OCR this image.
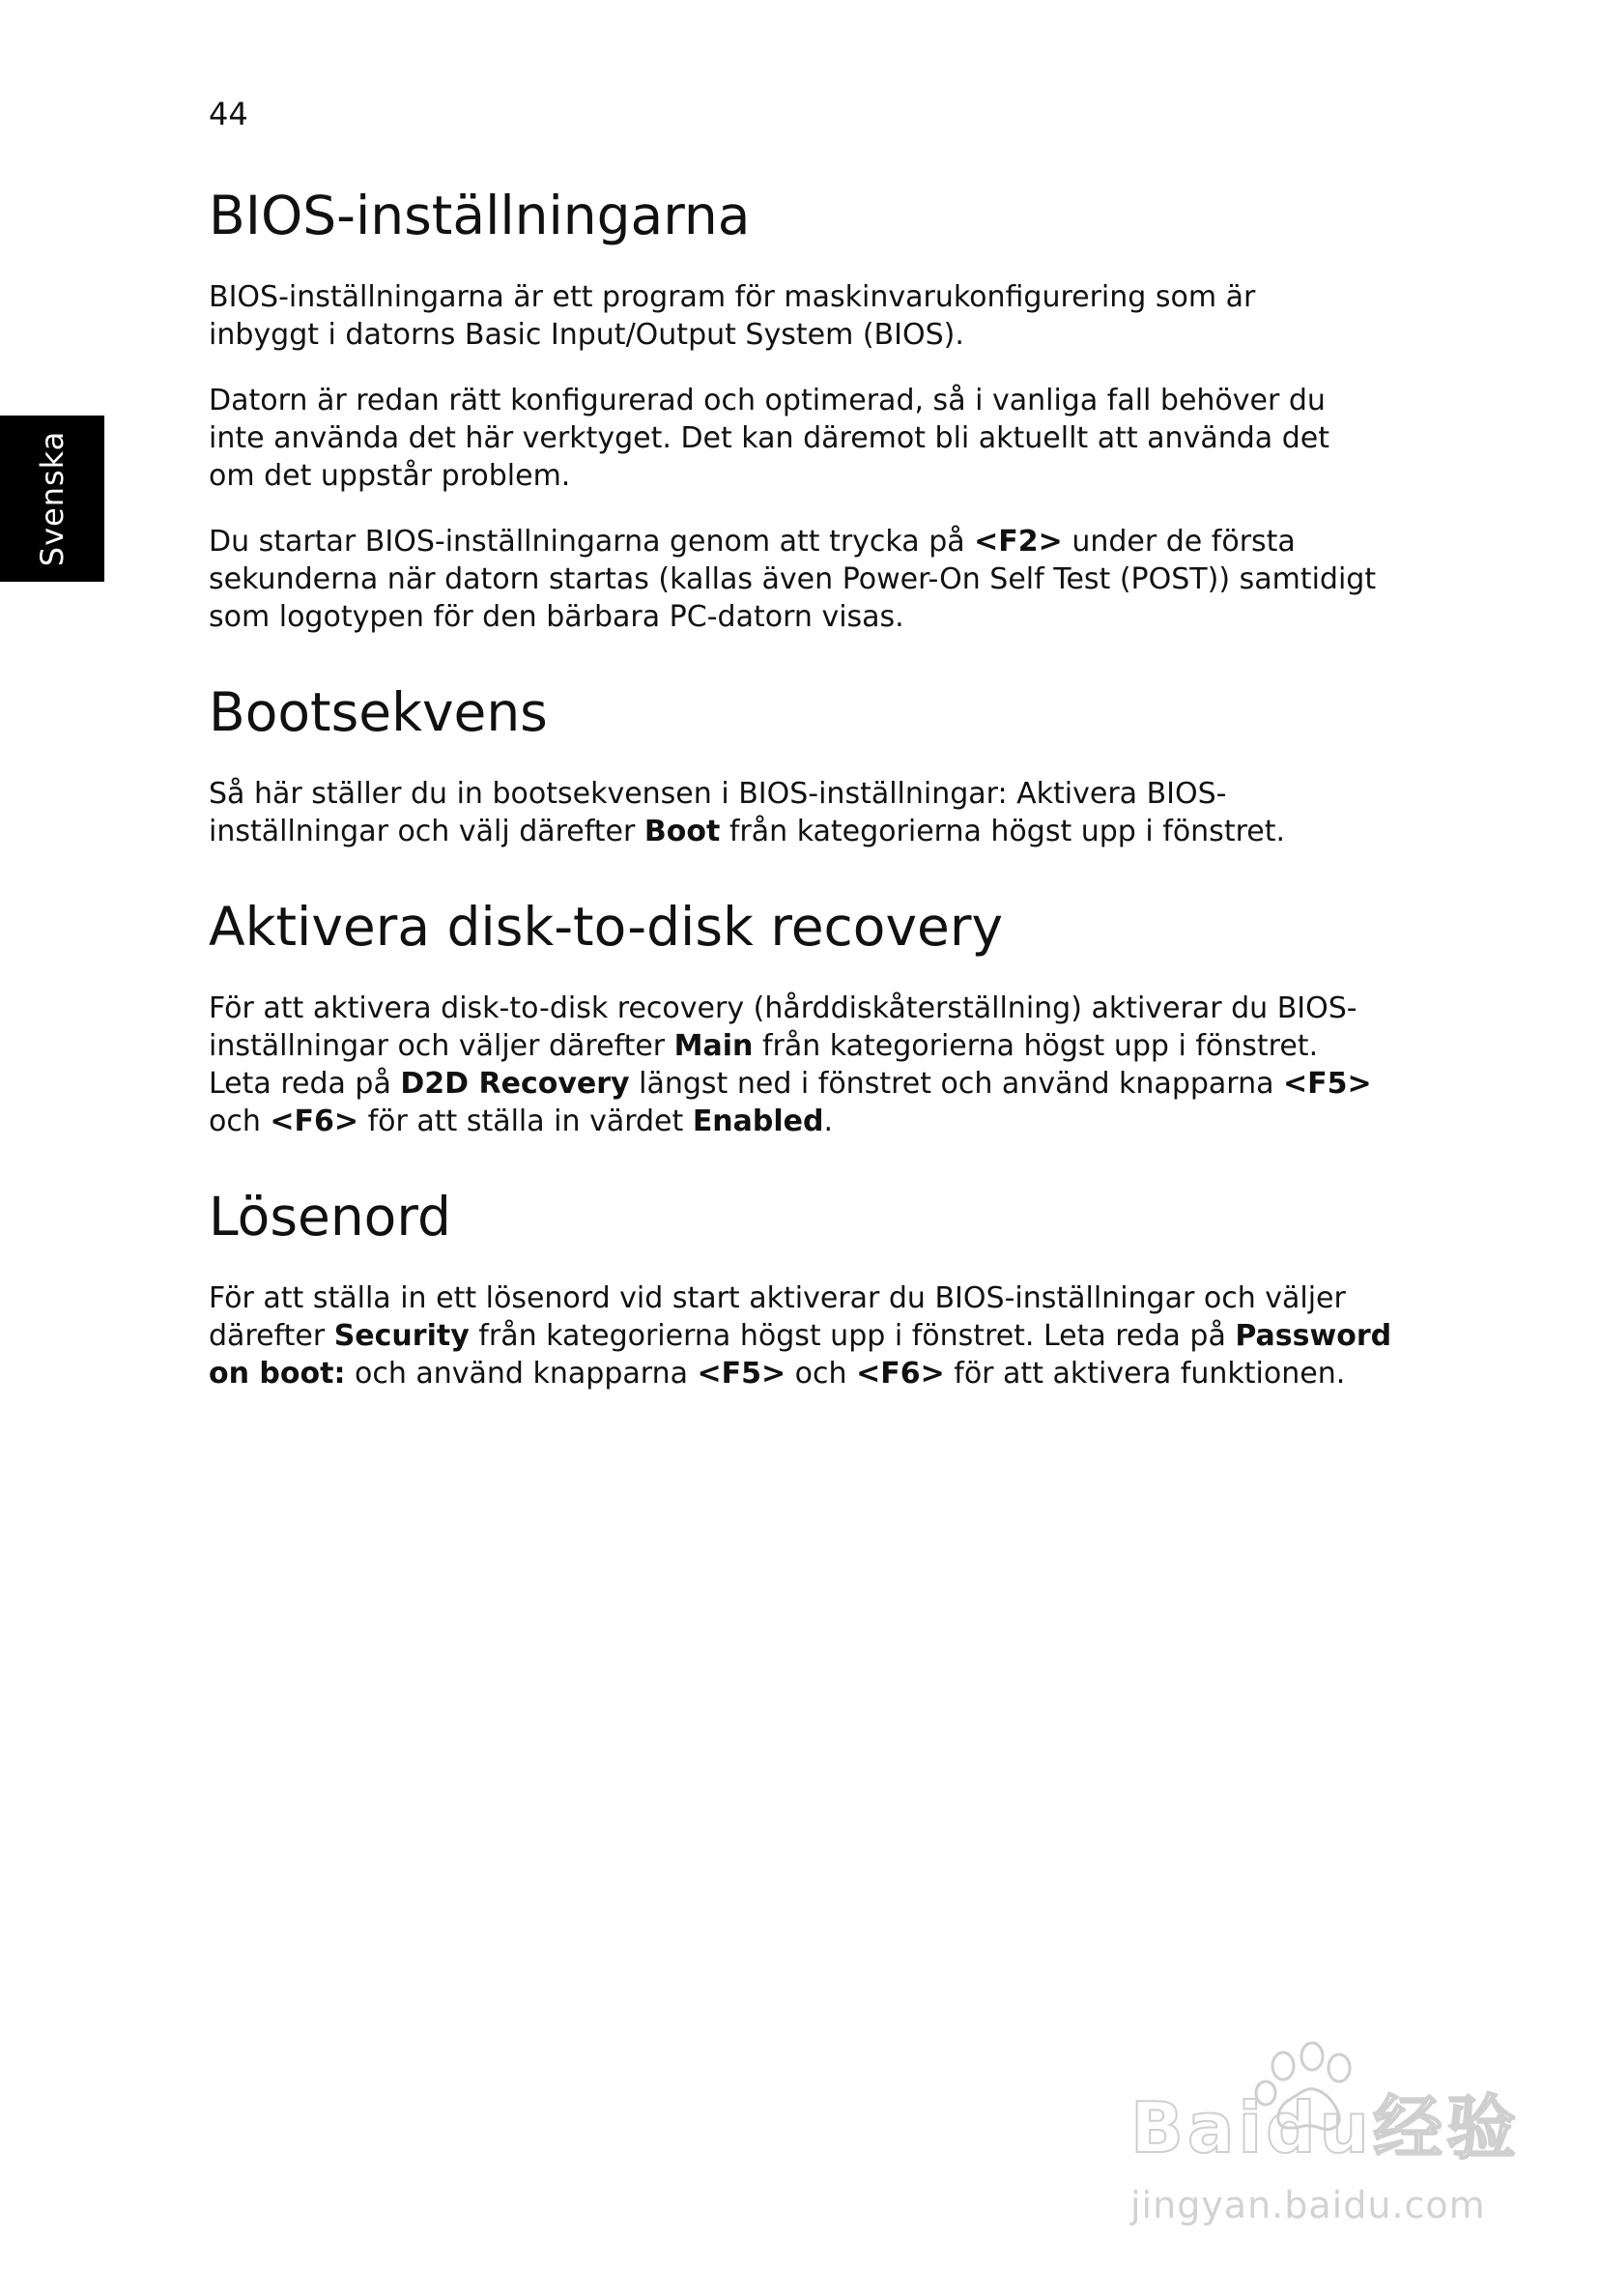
44
Svenska
BIOS-inställningarna

BIOS-inställningarna är ett program för maskinvarukonfigurering som är
inbyggt i datorns Basic Input/Output System (BIOS).

Datorn är redan rätt konfigurerad och optimerad, så i vanliga fall behöver du
inte använda det här verktyget. Det kan däremot bli aktuellt att använda det
om det uppstår problem.

Du startar BIOS-inställningarna genom att trycka på <F2> under de första
sekunderna när datorn startas (kallas även Power-On Self Test (POST)) samtidigt
som logotypen för den bärbara PC-datorn visas.

Bootsekvens

Så här ställer du in bootsekvensen i BIOS-inställningar: Aktivera BIOS-
inställningar och välj därefter Boot från kategorierna högst upp i fönstret.

Aktivera disk-to-disk recovery

För att aktivera disk-to-disk recovery (hårddiskåterställning) aktiverar du BIOS-
inställningar och väljer därefter Main från kategorierna högst upp i fönstret.
Leta reda på D2D Recovery längst ned i fönstret och använd knapparna <F5>
och <F6> för att ställa in värdet Enabled.

Lösenord

För att ställa in ett lösenord vid start aktiverar du BIOS-inställningar och väljer
därefter Security från kategorierna högst upp i fönstret. Leta reda på Password
on boot: och använd knapparna <F5> och <F6> för att aktivera funktionen.

Baidu经验
jingyan.baidu.com
